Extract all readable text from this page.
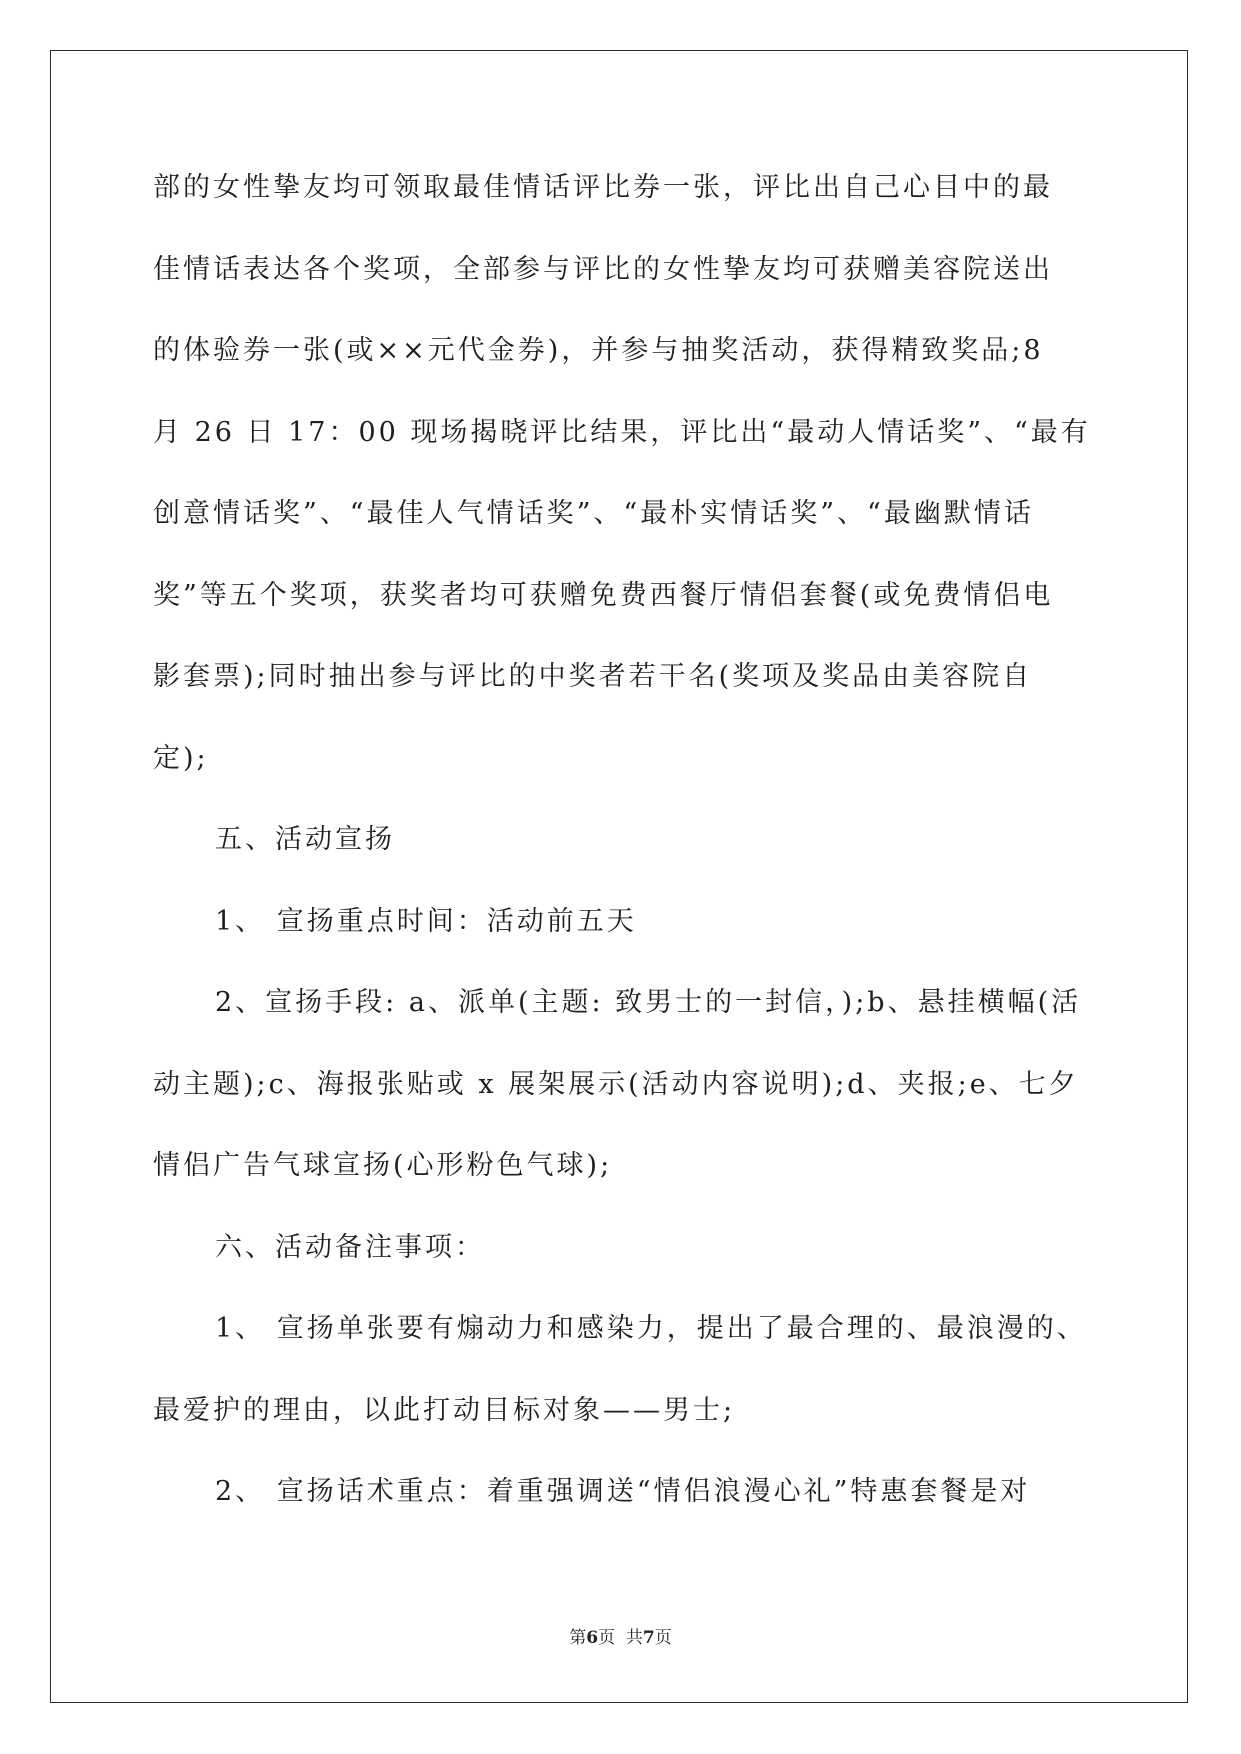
部的女性挚友均可领取最佳情话评比券一张，评比出自己心目中的最
佳情话表达各个奖项，全部参与评比的女性挚友均可获赠美容院送出
的体验券一张(或××元代金券)，并参与抽奖活动，获得精致奖品;8
月 26 日 17：00 现场揭晓评比结果，评比出“最动人情话奖”、“最有
创意情话奖”、“最佳人气情话奖”、“最朴实情话奖”、“最幽默情话
奖”等五个奖项，获奖者均可获赠免费西餐厅情侣套餐(或免费情侣电
影套票);同时抽出参与评比的中奖者若干名(奖项及奖品由美容院自
定);
五、活动宣扬
1、 宣扬重点时间：活动前五天
2、宣扬手段: a、派单(主题: 致男士的一封信，);b、悬挂横幅(活
动主题);c、海报张贴或 x 展架展示(活动内容说明);d、夹报;e、七夕
情侣广告气球宣扬(心形粉色气球);
六、活动备注事项：
1、 宣扬单张要有煽动力和感染力，提出了最合理的、最浪漫的、
最爱护的理由，以此打动目标对象——男士;
2、 宣扬话术重点：着重强调送“情侣浪漫心礼”特惠套餐是对
第6页  共7页
